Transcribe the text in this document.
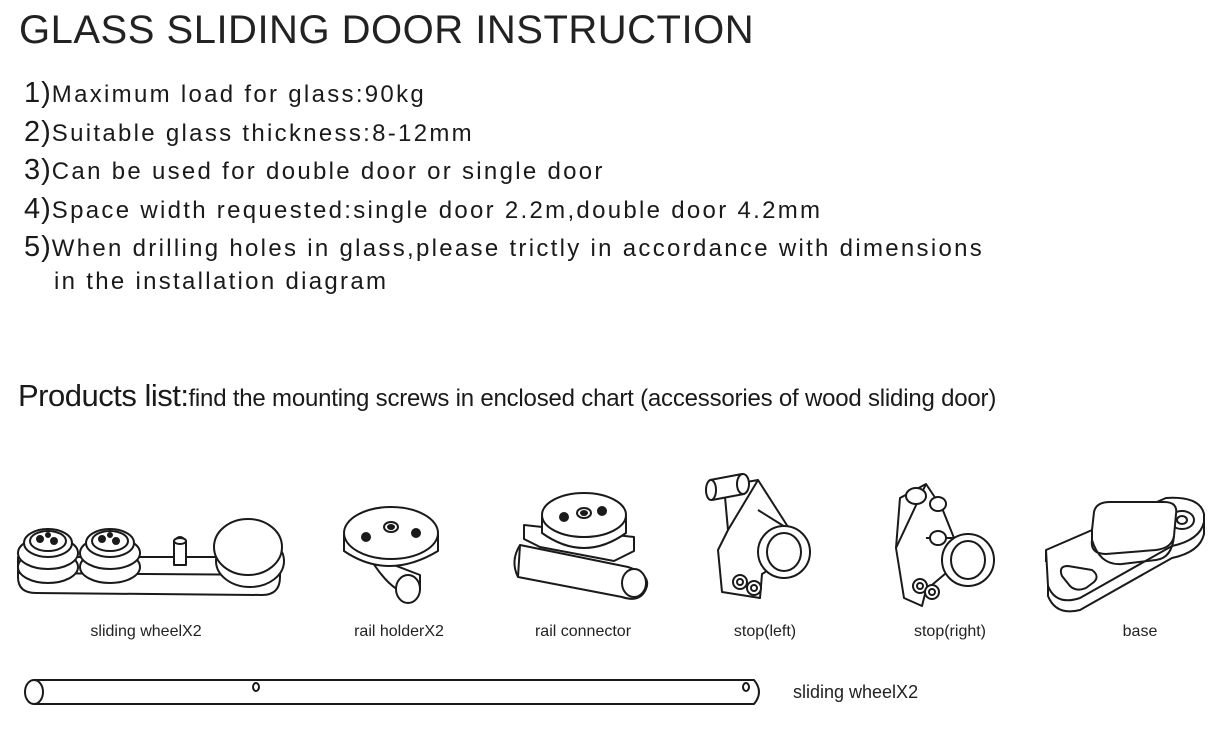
GLASS SLIDING DOOR INSTRUCTION
1)Maximum load for glass:90kg
2)Suitable glass thickness:8-12mm
3)Can be used for double door or single door
4)Space width requested:single door 2.2m,double door 4.2mm
5)When drilling holes in glass,please trictly in accordance with dimensions
in the installation diagram
Products list:find the mounting screws in enclosed chart (accessories of wood sliding door)
sliding wheelX2	rail holderX2	rail connector	stop(left)	stop(right)	base
sliding wheelX2
